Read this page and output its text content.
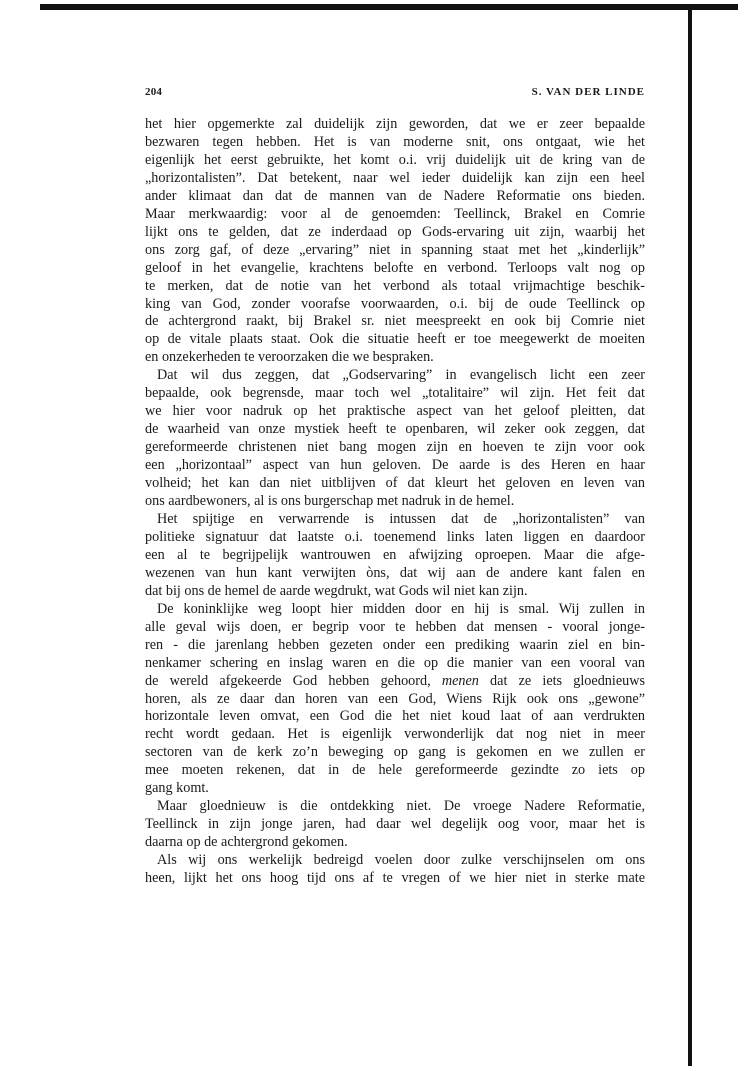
204	S. VAN DER LINDE
het hier opgemerkte zal duidelijk zijn geworden, dat we er zeer bepaalde
bezwaren tegen hebben. Het is van moderne snit, ons ontgaat, wie het
eigenlijk het eerst gebruikte, het komt o.i. vrij duidelijk uit de kring van de
„horizontalisten”. Dat betekent, naar wel ieder duidelijk kan zijn een heel
ander klimaat dan dat de mannen van de Nadere Reformatie ons bieden.
Maar merkwaardig: voor al de genoemden: Teellinck, Brakel en Comrie
lijkt ons te gelden, dat ze inderdaad op Gods-ervaring uit zijn, waarbij het
ons zorg gaf, of deze „ervaring” niet in spanning staat met het „kinderlijk”
geloof in het evangelie, krachtens belofte en verbond. Terloops valt nog op
te merken, dat de notie van het verbond als totaal vrijmachtige beschik-
king van God, zonder voorafse voorwaarden, o.i. bij de oude Teellinck op
de achtergrond raakt, bij Brakel sr. niet meespreekt en ook bij Comrie niet
op de vitale plaats staat. Ook die situatie heeft er toe meegewerkt de moeiten
en onzekerheden te veroorzaken die we bespraken.
Dat wil dus zeggen, dat „Godservaring” in evangelisch licht een zeer
bepaalde, ook begrensde, maar toch wel „totalitaire” wil zijn. Het feit dat
we hier voor nadruk op het praktische aspect van het geloof pleitten, dat
de waarheid van onze mystiek heeft te openbaren, wil zeker ook zeggen, dat
gereformeerde christenen niet bang mogen zijn en hoeven te zijn voor ook
een „horizontaal” aspect van hun geloven. De aarde is des Heren en haar
volheid; het kan dan niet uitblijven of dat kleurt het geloven en leven van
ons aardbewoners, al is ons burgerschap met nadruk in de hemel.
Het spijtige en verwarrende is intussen dat de „horizontalisten” van
politieke signatuur dat laatste o.i. toenemend links laten liggen en daardoor
een al te begrijpelijk wantrouwen en afwijzing oproepen. Maar die afge-
wezenen van hun kant verwijten òns, dat wij aan de andere kant falen en
dat bij ons de hemel de aarde wegdrukt, wat Gods wil niet kan zijn.
De koninklijke weg loopt hier midden door en hij is smal. Wij zullen in
alle geval wijs doen, er begrip voor te hebben dat mensen - vooral jonge-
ren - die jarenlang hebben gezeten onder een prediking waarin ziel en bin-
nenkamer schering en inslag waren en die op die manier van een vooral van
de wereld afgekeerde God hebben gehoord, menen dat ze iets gloednieuws
horen, als ze daar dan horen van een God, Wiens Rijk ook ons „gewone”
horizontale leven omvat, een God die het niet koud laat of aan verdrukten
recht wordt gedaan. Het is eigenlijk verwonderlijk dat nog niet in meer
sectoren van de kerk zo’n beweging op gang is gekomen en we zullen er
mee moeten rekenen, dat in de hele gereformeerde gezindte zo iets op
gang komt.
Maar gloednieuw is die ontdekking niet. De vroege Nadere Reformatie,
Teellinck in zijn jonge jaren, had daar wel degelijk oog voor, maar het is
daarna op de achtergrond gekomen.
Als wij ons werkelijk bedreigd voelen door zulke verschijnselen om ons
heen, lijkt het ons hoog tijd ons af te vregen of we hier niet in sterke mate
